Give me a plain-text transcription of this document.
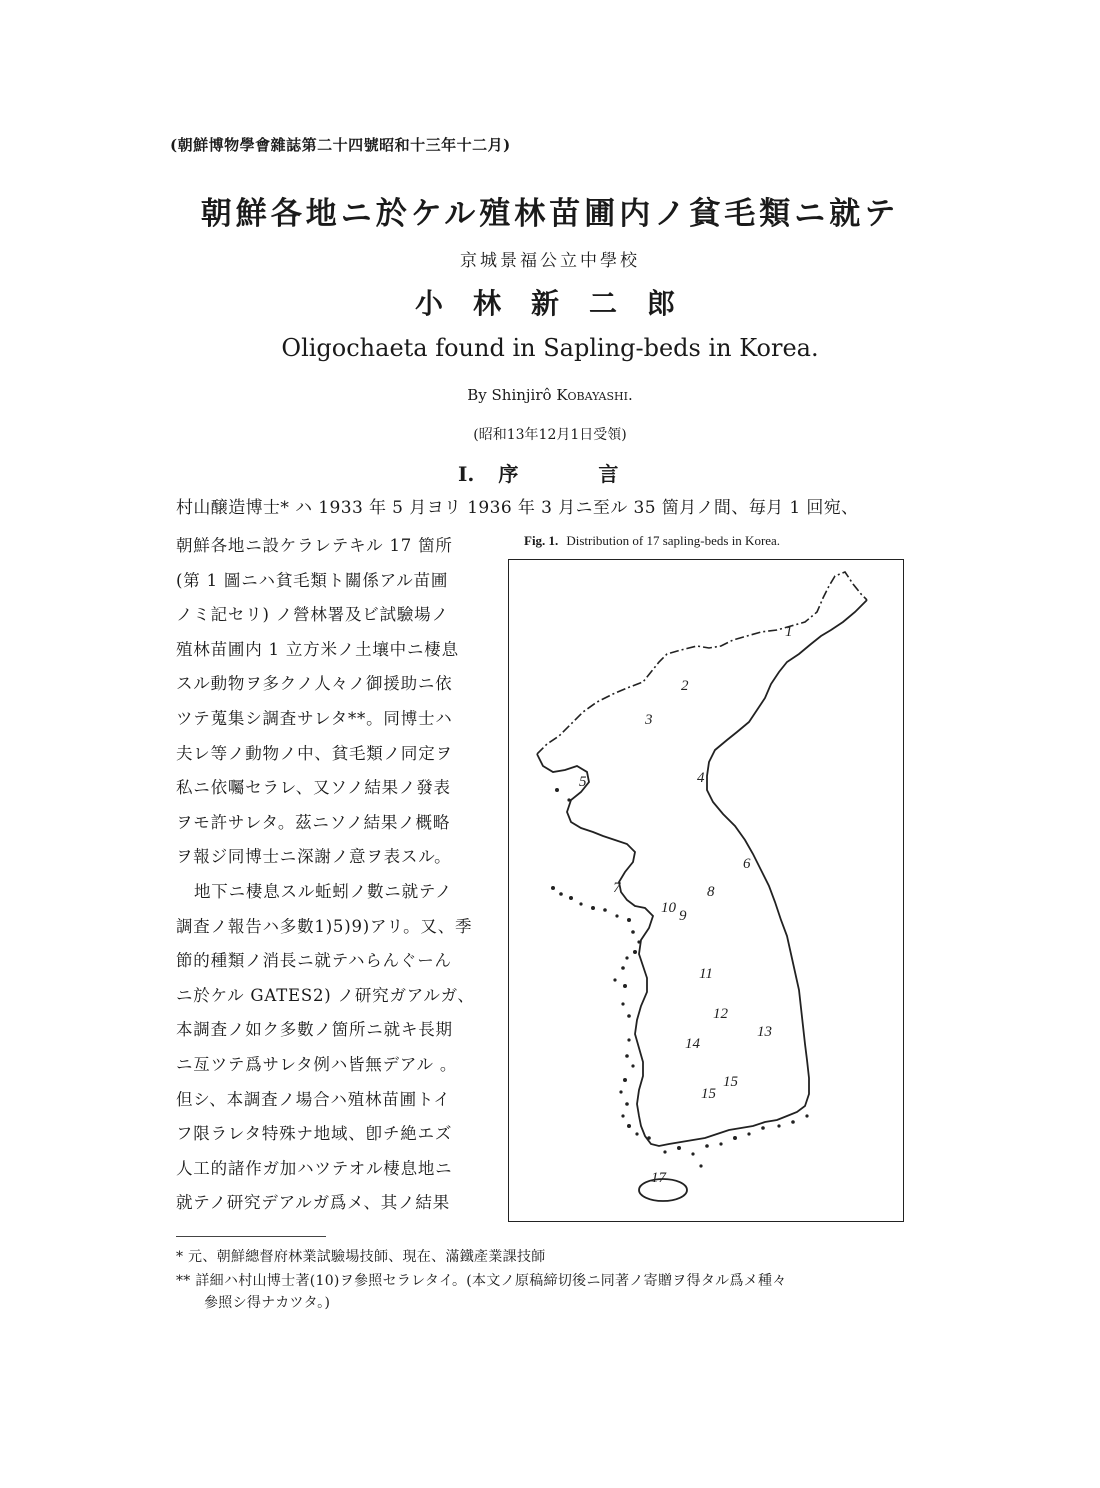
(朝鮮博物學會雜誌第二十四號昭和十三年十二月)
朝鮮各地ニ於ケル殖林苗圃内ノ貧毛類ニ就テ
京城景福公立中學校
小林新二郎
Oligochaeta found in Sapling-beds in Korea.
By Shinjirô Kobayashi.
(昭和13年12月1日受領)
I. 序言
村山醸造博士* ハ 1933 年 5 月ヨリ 1936 年 3 月ニ至ル 35 箇月ノ間、毎月 1 回宛、
朝鮮各地ニ設ケラレテキル 17 箇所
(第 1 圖ニハ貧毛類ト關係アル苗圃
ノミ記セリ) ノ營林署及ビ試驗場ノ
殖林苗圃内 1 立方米ノ土壤中ニ棲息
スル動物ヲ多クノ人々ノ御援助ニ依
ツテ蒐集シ調査サレタ**。同博士ハ
夫レ等ノ動物ノ中、貧毛類ノ同定ヲ
私ニ依囑セラレ、又ソノ結果ノ發表
ヲモ許サレタ。茲ニソノ結果ノ概略
ヲ報ジ同博士ニ深謝ノ意ヲ表スル。
地下ニ棲息スル蚯蚓ノ數ニ就テノ
調査ノ報告ハ多數1)5)9)アリ。又、季
節的種類ノ消長ニ就テハらんぐーん
ニ於ケル GATES2) ノ研究ガアルガ、
本調査ノ如ク多數ノ箇所ニ就キ長期
ニ亙ツテ爲サレタ例ハ皆無デアル 。
但シ、本調査ノ場合ハ殖林苗圃トイ
フ限ラレタ特殊ナ地域、卽チ絶エズ
人工的諸作ガ加ハツテオル棲息地ニ
就テノ研究デアルガ爲メ、其ノ結果
Fig. 1. Distribution of 17 sapling-beds in Korea.
1
2
3
4
5
6
7	8
9
10
11
12
13
14
15
15
17
* 元、朝鮮總督府林業試驗場技師、現在、滿鐵產業課技師
** 詳細ハ村山博士著(10)ヲ參照セラレタイ。(本文ノ原稿締切後ニ同著ノ寄贈ヲ得タル爲メ種々
參照シ得ナカツタ。)
